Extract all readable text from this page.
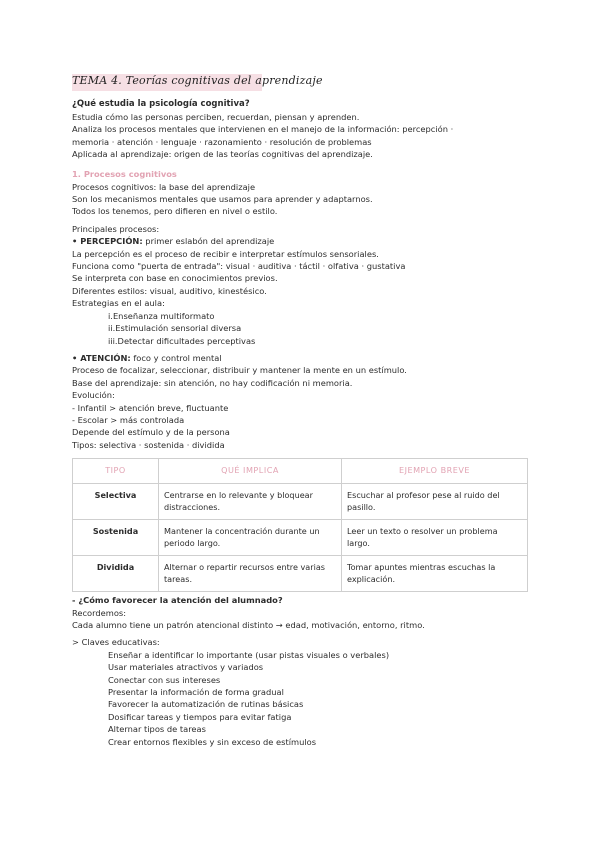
TEMA 4. Teorías cognitivas del aprendizaje
¿Qué estudia la psicología cognitiva?
Estudia cómo las personas perciben, recuerdan, piensan y aprenden.
Analiza los procesos mentales que intervienen en el manejo de la información: percepción ·
memoria · atención · lenguaje · razonamiento · resolución de problemas
Aplicada al aprendizaje: origen de las teorías cognitivas del aprendizaje.
1. Procesos cognitivos
Procesos cognitivos: la base del aprendizaje
Son los mecanismos mentales que usamos para aprender y adaptarnos.
Todos los tenemos, pero difieren en nivel o estilo.
Principales procesos:
• PERCEPCIÓN: primer eslabón del aprendizaje
La percepción es el proceso de recibir e interpretar estímulos sensoriales.
Funciona como "puerta de entrada": visual · auditiva · táctil · olfativa · gustativa
Se interpreta con base en conocimientos previos.
Diferentes estilos: visual, auditivo, kinestésico.
Estrategias en el aula:
i.Enseñanza multiformato
ii.Estimulación sensorial diversa
iii.Detectar dificultades perceptivas
• ATENCIÓN: foco y control mental
Proceso de focalizar, seleccionar, distribuir y mantener la mente en un estímulo.
Base del aprendizaje: sin atención, no hay codificación ni memoria.
Evolución:
- Infantil > atención breve, fluctuante
- Escolar > más controlada
Depende del estímulo y de la persona
Tipos: selectiva · sostenida · dividida
TIPO	QUÉ IMPLICA	EJEMPLO BREVE
Selectiva	Centrarse en lo relevante y bloquear distracciones.	Escuchar al profesor pese al ruido del pasillo.
Sostenida	Mantener la concentración durante un periodo largo.	Leer un texto o resolver un problema largo.
Dividida	Alternar o repartir recursos entre varias tareas.	Tomar apuntes mientras escuchas la explicación.
- ¿Cómo favorecer la atención del alumnado?
Recordemos:
Cada alumno tiene un patrón atencional distinto → edad, motivación, entorno, ritmo.
> Claves educativas:
Enseñar a identificar lo importante (usar pistas visuales o verbales)
Usar materiales atractivos y variados
Conectar con sus intereses
Presentar la información de forma gradual
Favorecer la automatización de rutinas básicas
Dosificar tareas y tiempos para evitar fatiga
Alternar tipos de tareas
Crear entornos flexibles y sin exceso de estímulos
